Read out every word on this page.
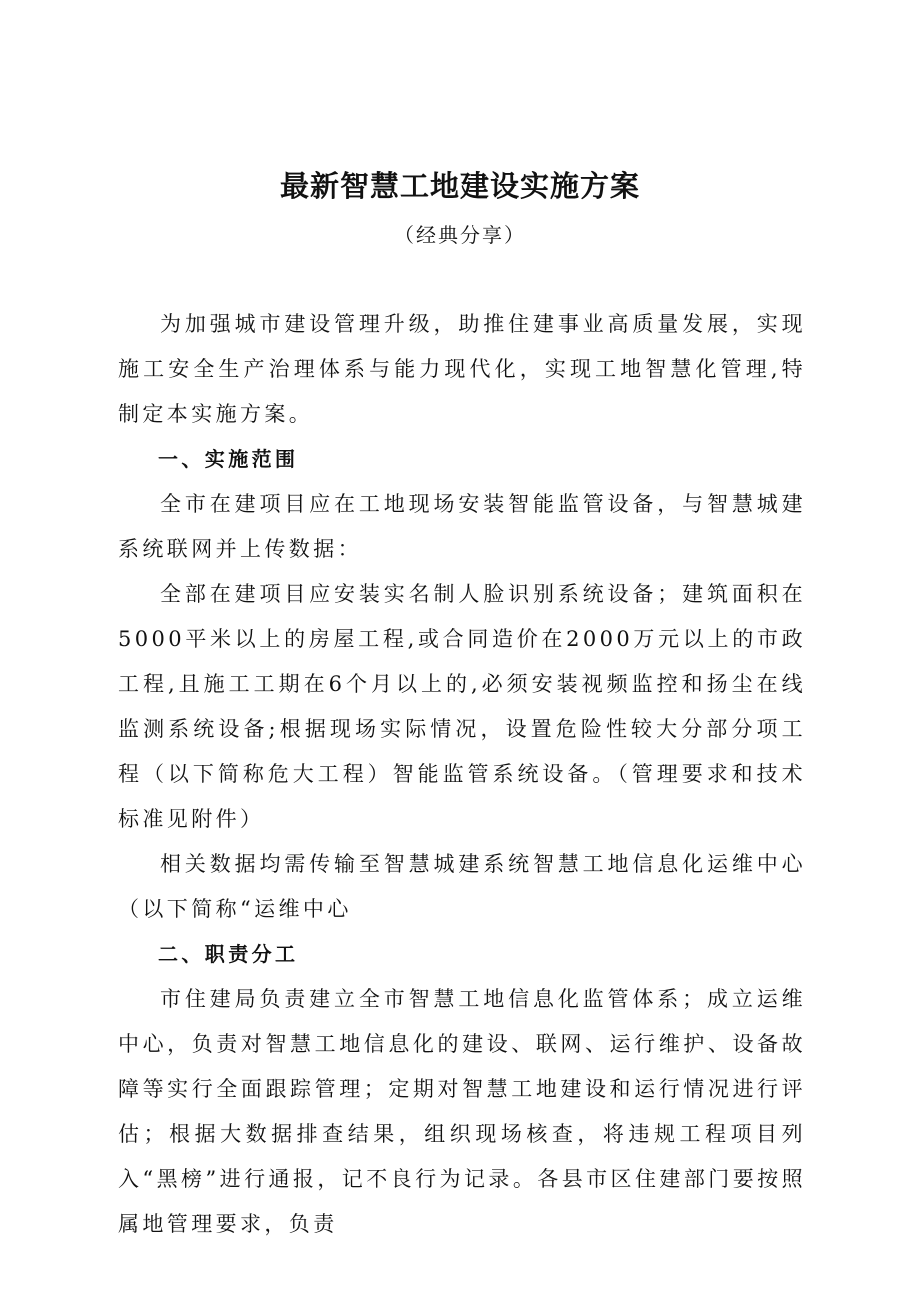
最新智慧工地建设实施方案
（经典分享）

为加强城市建设管理升级，助推住建事业高质量发展，实现施工安全生产治理体系与能力现代化，实现工地智慧化管理,特制定本实施方案。

一、实施范围

全市在建项目应在工地现场安装智能监管设备，与智慧城建系统联网并上传数据：

全部在建项目应安装实名制人脸识别系统设备；建筑面积在5000平米以上的房屋工程,或合同造价在2000万元以上的市政工程,且施工工期在6个月以上的,必须安装视频监控和扬尘在线监测系统设备;根据现场实际情况，设置危险性较大分部分项工程（以下简称危大工程）智能监管系统设备。（管理要求和技术标准见附件）

相关数据均需传输至智慧城建系统智慧工地信息化运维中心（以下简称“运维中心

二、职责分工

市住建局负责建立全市智慧工地信息化监管体系；成立运维中心，负责对智慧工地信息化的建设、联网、运行维护、设备故障等实行全面跟踪管理；定期对智慧工地建设和运行情况进行评估；根据大数据排查结果，组织现场核查，将违规工程项目列入“黑榜”进行通报，记不良行为记录。各县市区住建部门要按照属地管理要求，负责
